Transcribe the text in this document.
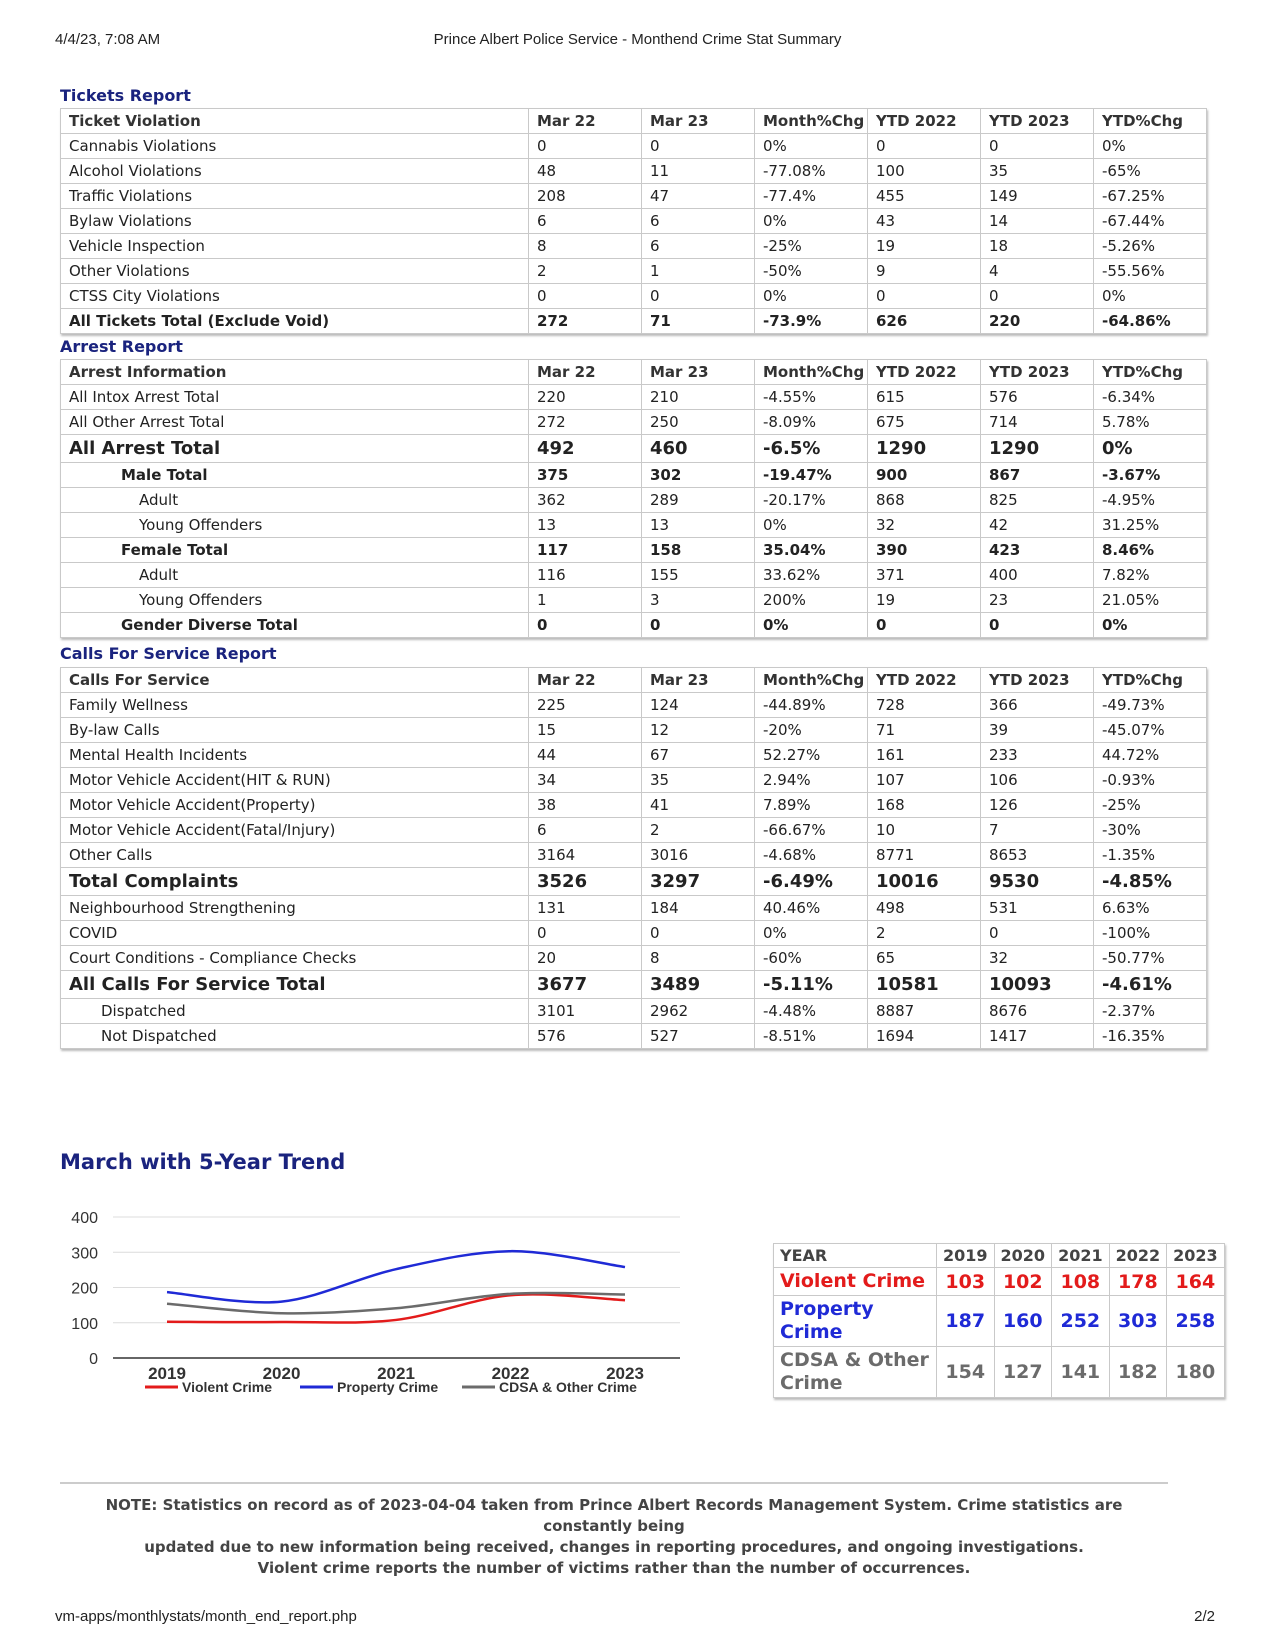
4/4/23, 7:08 AM	Prince Albert Police Service - Monthend Crime Stat Summary
Tickets Report
Ticket Violation	Mar 22	Mar 23	Month%Chg	YTD 2022	YTD 2023	YTD%Chg
Cannabis Violations	0	0	0%	0	0	0%
Alcohol Violations	48	11	-77.08%	100	35	-65%
Traffic Violations	208	47	-77.4%	455	149	-67.25%
Bylaw Violations	6	6	0%	43	14	-67.44%
Vehicle Inspection	8	6	-25%	19	18	-5.26%
Other Violations	2	1	-50%	9	4	-55.56%
CTSS City Violations	0	0	0%	0	0	0%
All Tickets Total (Exclude Void)	272	71	-73.9%	626	220	-64.86%
Arrest Report
Arrest Information	Mar 22	Mar 23	Month%Chg	YTD 2022	YTD 2023	YTD%Chg
All Intox Arrest Total	220	210	-4.55%	615	576	-6.34%
All Other Arrest Total	272	250	-8.09%	675	714	5.78%
All Arrest Total	492	460	-6.5%	1290	1290	0%
Male Total	375	302	-19.47%	900	867	-3.67%
Adult	362	289	-20.17%	868	825	-4.95%
Young Offenders	13	13	0%	32	42	31.25%
Female Total	117	158	35.04%	390	423	8.46%
Adult	116	155	33.62%	371	400	7.82%
Young Offenders	1	3	200%	19	23	21.05%
Gender Diverse Total	0	0	0%	0	0	0%
Calls For Service Report
Calls For Service	Mar 22	Mar 23	Month%Chg	YTD 2022	YTD 2023	YTD%Chg
Family Wellness	225	124	-44.89%	728	366	-49.73%
By-law Calls	15	12	-20%	71	39	-45.07%
Mental Health Incidents	44	67	52.27%	161	233	44.72%
Motor Vehicle Accident(HIT & RUN)	34	35	2.94%	107	106	-0.93%
Motor Vehicle Accident(Property)	38	41	7.89%	168	126	-25%
Motor Vehicle Accident(Fatal/Injury)	6	2	-66.67%	10	7	-30%
Other Calls	3164	3016	-4.68%	8771	8653	-1.35%
Total Complaints	3526	3297	-6.49%	10016	9530	-4.85%
Neighbourhood Strengthening	131	184	40.46%	498	531	6.63%
COVID	0	0	0%	2	0	-100%
Court Conditions - Compliance Checks	20	8	-60%	65	32	-50.77%
All Calls For Service Total	3677	3489	-5.11%	10581	10093	-4.61%
Dispatched	3101	2962	-4.48%	8887	8676	-2.37%
Not Dispatched	576	527	-8.51%	1694	1417	-16.35%
March with 5-Year Trend
0
100
200
300
400
2019	2020	2021	2022	2023
Violent Crime	Property Crime	CDSA & Other Crime
YEAR	2019	2020	2021	2022	2023
Violent Crime	103	102	108	178	164
Property Crime	187	160	252	303	258
CDSA & Other Crime	154	127	141	182	180
NOTE: Statistics on record as of 2023-04-04 taken from Prince Albert Records Management System. Crime statistics are constantly being
updated due to new information being received, changes in reporting procedures, and ongoing investigations.
Violent crime reports the number of victims rather than the number of occurrences.
vm-apps/monthlystats/month_end_report.php	2/2
